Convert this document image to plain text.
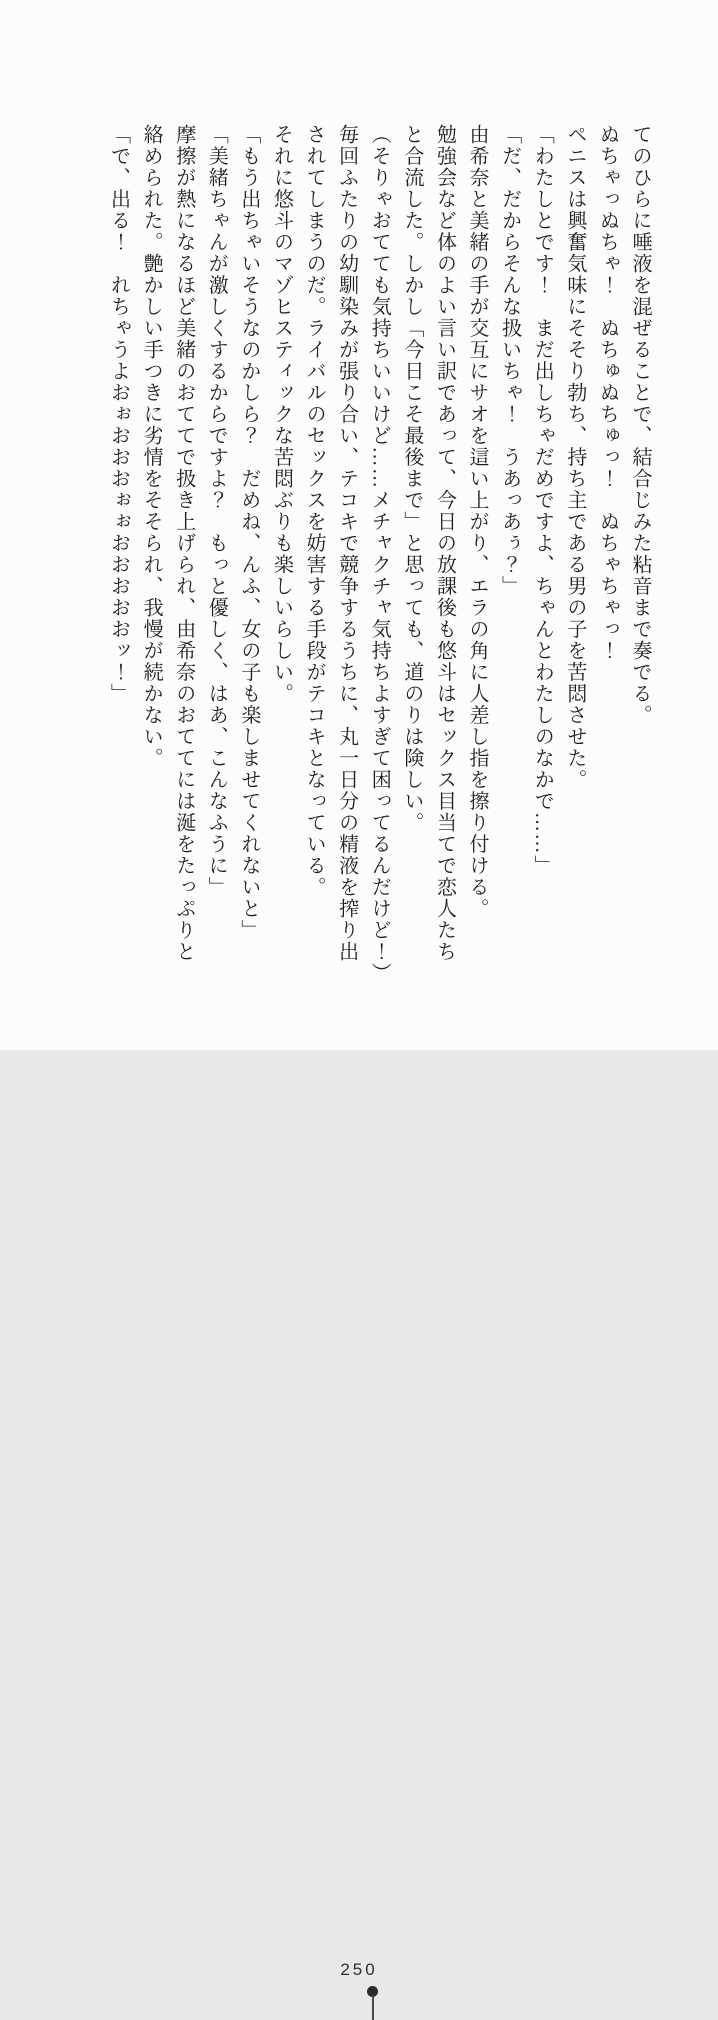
てのひらに唾液を混ぜることで、結合じみた粘音まで奏でる。

ぬちゃっぬちゃ！　ぬちゅぬちゅっ！　ぬちゃちゃっ！

ペニスは興奮気味にそそり勃ち、持ち主である男の子を苦悶させた。

「わたしとです！　まだ出しちゃだめですよ、ちゃんとわたしのなかで……」

「だ、だからそんな扱いちゃ！　うあっあぅ？」

由希奈と美緒の手が交互にサオを這い上がり、エラの角に人差し指を擦り付ける。

勉強会など体のよい言い訳であって、今日の放課後も悠斗はセックス目当てで恋人たち

と合流した。しかし「今日こそ最後まで」と思っても、道のりは険しい。

（そりゃおてても気持ちいいけど……メチャクチャ気持ちよすぎて困ってるんだけど！）

毎回ふたりの幼馴染みが張り合い、テコキで競争するうちに、丸一日分の精液を搾り出

されてしまうのだ。ライバルのセックスを妨害する手段がテコキとなっている。

それに悠斗のマゾヒスティックな苦悶ぶりも楽しいらしい。

「もう出ちゃいそうなのかしら？　だめね、んふ、女の子も楽しませてくれないと」

「美緒ちゃんが激しくするからですよ？　もっと優しく、はあ、こんなふうに」

摩擦が熱になるほど美緒のおててで扱き上げられ、由希奈のおててには涎をたっぷりと

絡められた。艶かしい手つきに劣情をそそられ、我慢が続かない。

「で、出る！　れちゃうよおぉおおおぉぉおおおおおッ！」

250
